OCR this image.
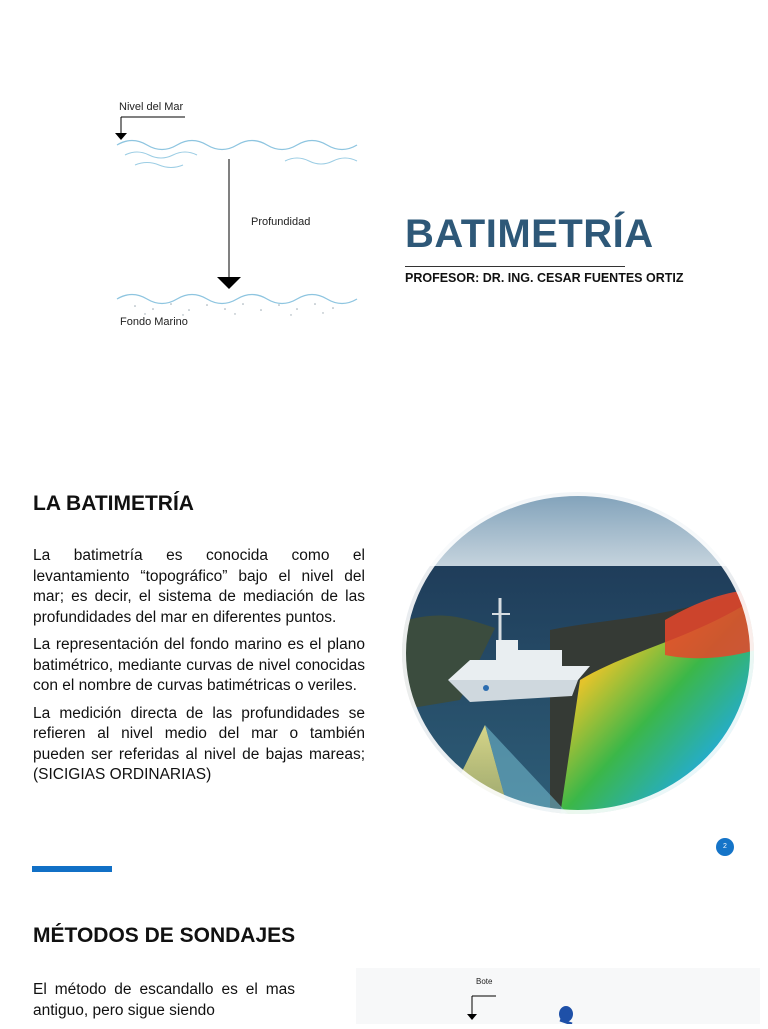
Nivel del Mar
Profundidad
Fondo Marino
BATIMETRÍA
PROFESOR: DR. ING. CESAR FUENTES ORTIZ
LA BATIMETRÍA

La batimetría es conocida como el levantamiento “topográfico” bajo el nivel del mar; es decir, el sistema de mediación de las profundidades del mar en diferentes puntos.

La representación del fondo marino es el plano batimétrico, mediante curvas de nivel conocidas con el nombre de curvas batimétricas o veriles.

La medición directa de las profundidades se refieren al nivel medio del mar o también pueden ser referidas al nivel de bajas mareas; (SICIGIAS ORDINARIAS)

2
MÉTODOS DE SONDAJES
El método de escandallo es el mas antiguo, pero sigue siendo
Bote
